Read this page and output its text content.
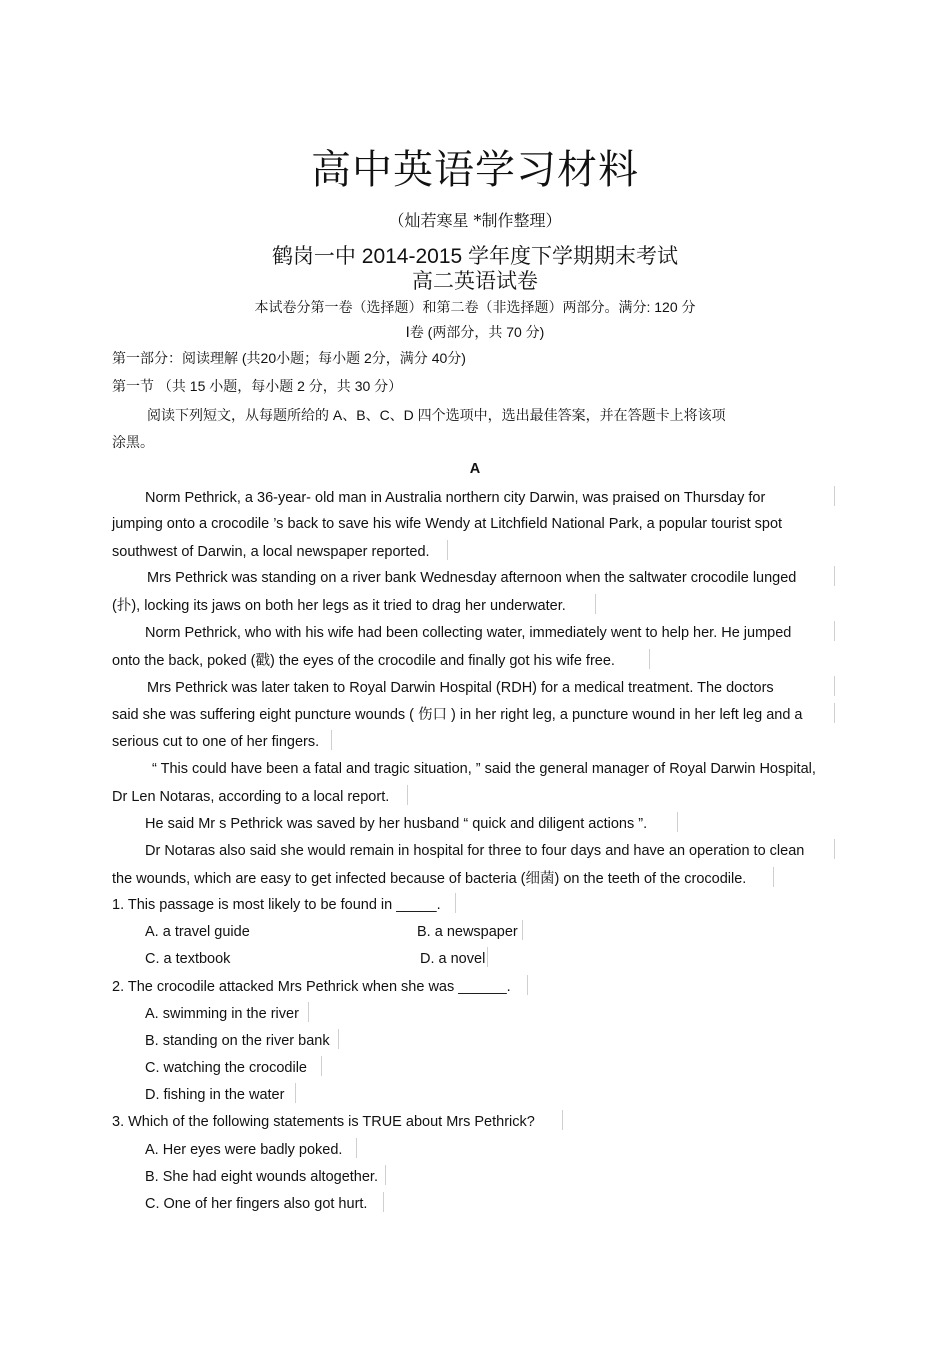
高中英语学习材料
（灿若寒星 *制作整理）
鹤岗一中 2014-2015 学年度下学期期末考试
高二英语试卷
本试卷分第一卷（选择题）和第二卷（非选择题）两部分。满分: 120 分
Ⅰ卷 (两部分，共 70 分)
第一部分：阅读理解 (共20小题；每小题 2分，满分 40分)
第一节 （共 15 小题，每小题 2 分，共 30 分）
阅读下列短文，从每题所给的 A、B、C、D 四个选项中，选出最佳答案，并在答题卡上将该项
涂黑。
A
Norm Pethrick, a 36-year- old man in Australia northern city Darwin, was praised on Thursday for
jumping onto a crocodile ’s back to save his wife Wendy at Litchfield National Park, a popular tourist spot
southwest of Darwin, a local newspaper reported.
Mrs Pethrick was standing on a river bank Wednesday afternoon when the saltwater crocodile lunged
(扑), locking its jaws on both her legs as it tried to drag her underwater.
Norm Pethrick, who with his wife had been collecting water, immediately went to help her. He jumped
onto the back, poked (戳) the eyes of the crocodile and finally got his wife free.
Mrs Pethrick was later taken to Royal Darwin Hospital (RDH) for a medical treatment. The doctors
said she was suffering eight puncture wounds ( 伤口 ) in her right leg, a puncture wound in her left leg and a
serious cut to one of her fingers.
“ This could have been a fatal and tragic situation, ” said the general manager of Royal Darwin Hospital,
Dr Len Notaras, according to a local report.
He said Mr s Pethrick was saved by her husband “ quick and diligent actions ”.
Dr Notaras also said she would remain in hospital for three to four days and have an operation to clean
the wounds, which are easy to get infected because of bacteria (细菌) on the teeth of the crocodile.
1. This passage is most likely to be found in _____.
A. a travel guide	B. a newspaper
C. a textbook	D. a novel
2. The crocodile attacked Mrs Pethrick when she was ______.
A. swimming in the river
B. standing on the river bank
C. watching the crocodile
D. fishing in the water
3. Which of the following statements is TRUE about Mrs Pethrick?
A. Her eyes were badly poked.
B. She had eight wounds altogether.
C. One of her fingers also got hurt.
